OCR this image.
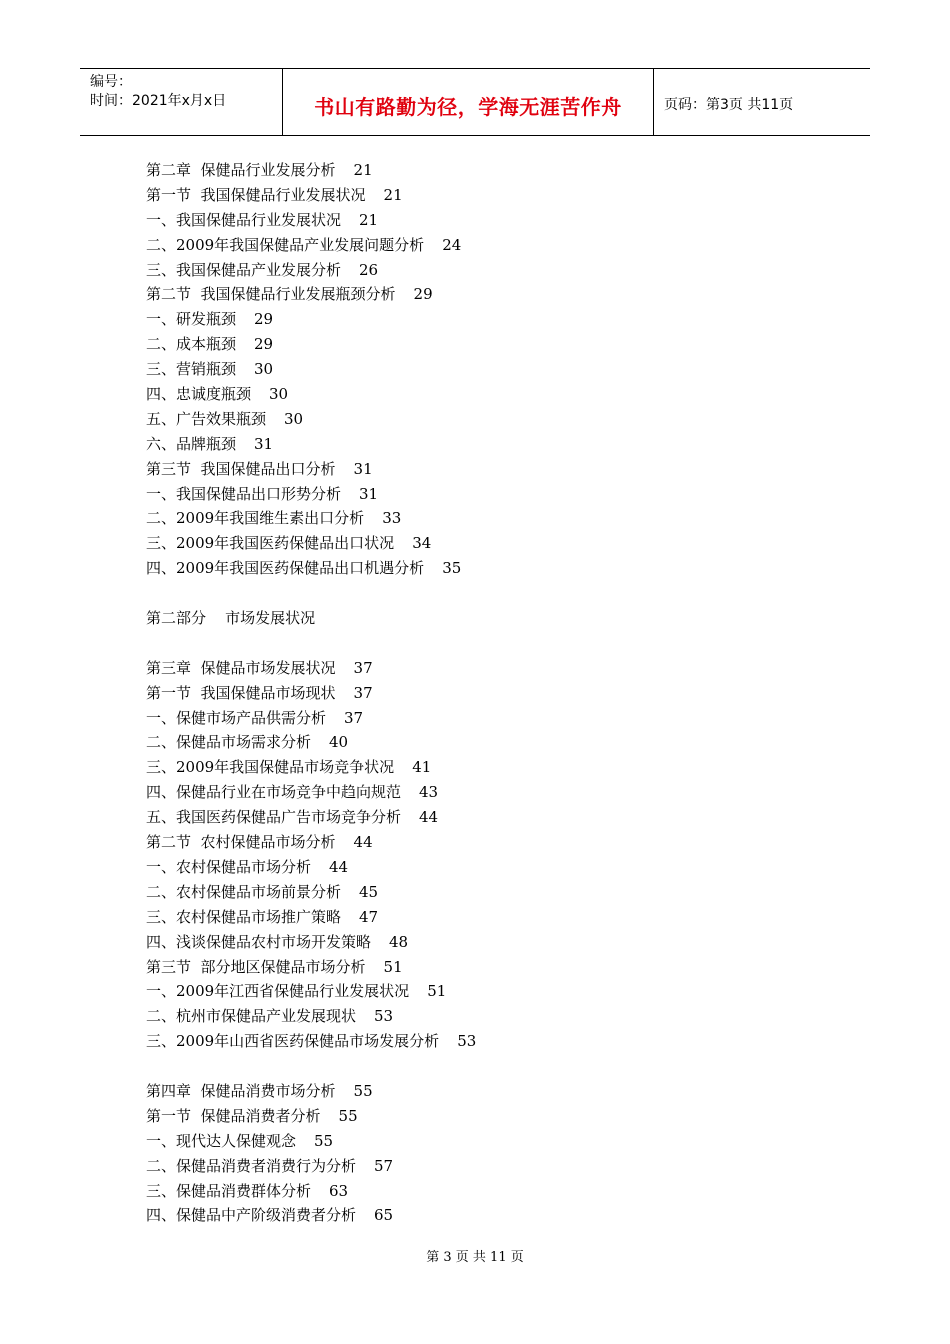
编号：
时间：2021年x月x日	书山有路勤为径，学海无涯苦作舟	页码：第3页 共11页
第二章  保健品行业发展分析 21
第一节  我国保健品行业发展状况 21
一、我国保健品行业发展状况 21
二、2009年我国保健品产业发展问题分析 24
三、我国保健品产业发展分析 26
第二节  我国保健品行业发展瓶颈分析 29
一、研发瓶颈 29
二、成本瓶颈 29
三、营销瓶颈 30
四、忠诚度瓶颈 30
五、广告效果瓶颈 30
六、品牌瓶颈 31
第三节  我国保健品出口分析 31
一、我国保健品出口形势分析 31
二、2009年我国维生素出口分析 33
三、2009年我国医药保健品出口状况 34
四、2009年我国医药保健品出口机遇分析 35
第二部分    市场发展状况
第三章  保健品市场发展状况 37
第一节  我国保健品市场现状 37
一、保健市场产品供需分析 37
二、保健品市场需求分析 40
三、2009年我国保健品市场竞争状况 41
四、保健品行业在市场竞争中趋向规范 43
五、我国医药保健品广告市场竞争分析 44
第二节  农村保健品市场分析 44
一、农村保健品市场分析 44
二、农村保健品市场前景分析 45
三、农村保健品市场推广策略 47
四、浅谈保健品农村市场开发策略 48
第三节  部分地区保健品市场分析 51
一、2009年江西省保健品行业发展状况 51
二、杭州市保健品产业发展现状 53
三、2009年山西省医药保健品市场发展分析 53
第四章  保健品消费市场分析 55
第一节  保健品消费者分析 55
一、现代达人保健观念 55
二、保健品消费者消费行为分析 57
三、保健品消费群体分析 63
四、保健品中产阶级消费者分析 65
第 3 页 共 11 页
